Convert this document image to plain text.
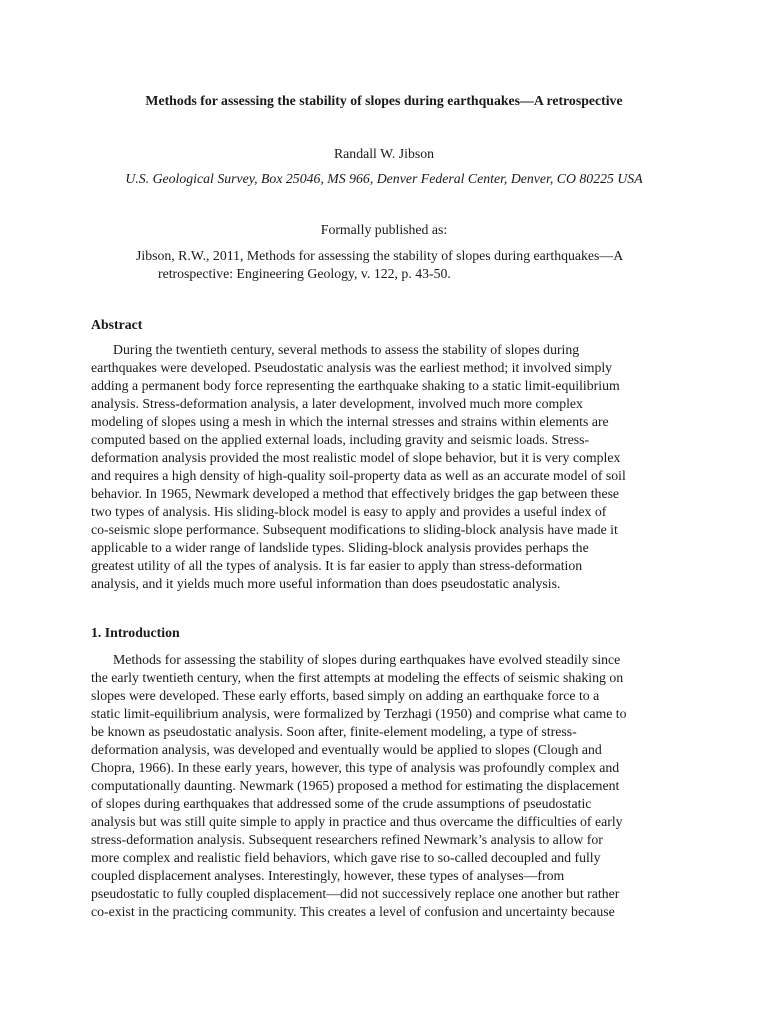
Methods for assessing the stability of slopes during earthquakes—A retrospective
Randall W. Jibson
U.S. Geological Survey, Box 25046, MS 966, Denver Federal Center, Denver, CO 80225 USA
Formally published as:
Jibson, R.W., 2011, Methods for assessing the stability of slopes during earthquakes—A
retrospective: Engineering Geology, v. 122, p. 43-50.
Abstract
During the twentieth century, several methods to assess the stability of slopes during
earthquakes were developed. Pseudostatic analysis was the earliest method; it involved simply
adding a permanent body force representing the earthquake shaking to a static limit-equilibrium
analysis. Stress-deformation analysis, a later development, involved much more complex
modeling of slopes using a mesh in which the internal stresses and strains within elements are
computed based on the applied external loads, including gravity and seismic loads. Stress-
deformation analysis provided the most realistic model of slope behavior, but it is very complex
and requires a high density of high-quality soil-property data as well as an accurate model of soil
behavior. In 1965, Newmark developed a method that effectively bridges the gap between these
two types of analysis. His sliding-block model is easy to apply and provides a useful index of
co-seismic slope performance. Subsequent modifications to sliding-block analysis have made it
applicable to a wider range of landslide types. Sliding-block analysis provides perhaps the
greatest utility of all the types of analysis. It is far easier to apply than stress-deformation
analysis, and it yields much more useful information than does pseudostatic analysis.
1. Introduction
Methods for assessing the stability of slopes during earthquakes have evolved steadily since
the early twentieth century, when the first attempts at modeling the effects of seismic shaking on
slopes were developed. These early efforts, based simply on adding an earthquake force to a
static limit-equilibrium analysis, were formalized by Terzhagi (1950) and comprise what came to
be known as pseudostatic analysis. Soon after, finite-element modeling, a type of stress-
deformation analysis, was developed and eventually would be applied to slopes (Clough and
Chopra, 1966). In these early years, however, this type of analysis was profoundly complex and
computationally daunting. Newmark (1965) proposed a method for estimating the displacement
of slopes during earthquakes that addressed some of the crude assumptions of pseudostatic
analysis but was still quite simple to apply in practice and thus overcame the difficulties of early
stress-deformation analysis. Subsequent researchers refined Newmark’s analysis to allow for
more complex and realistic field behaviors, which gave rise to so-called decoupled and fully
coupled displacement analyses. Interestingly, however, these types of analyses—from
pseudostatic to fully coupled displacement—did not successively replace one another but rather
co-exist in the practicing community. This creates a level of confusion and uncertainty because
